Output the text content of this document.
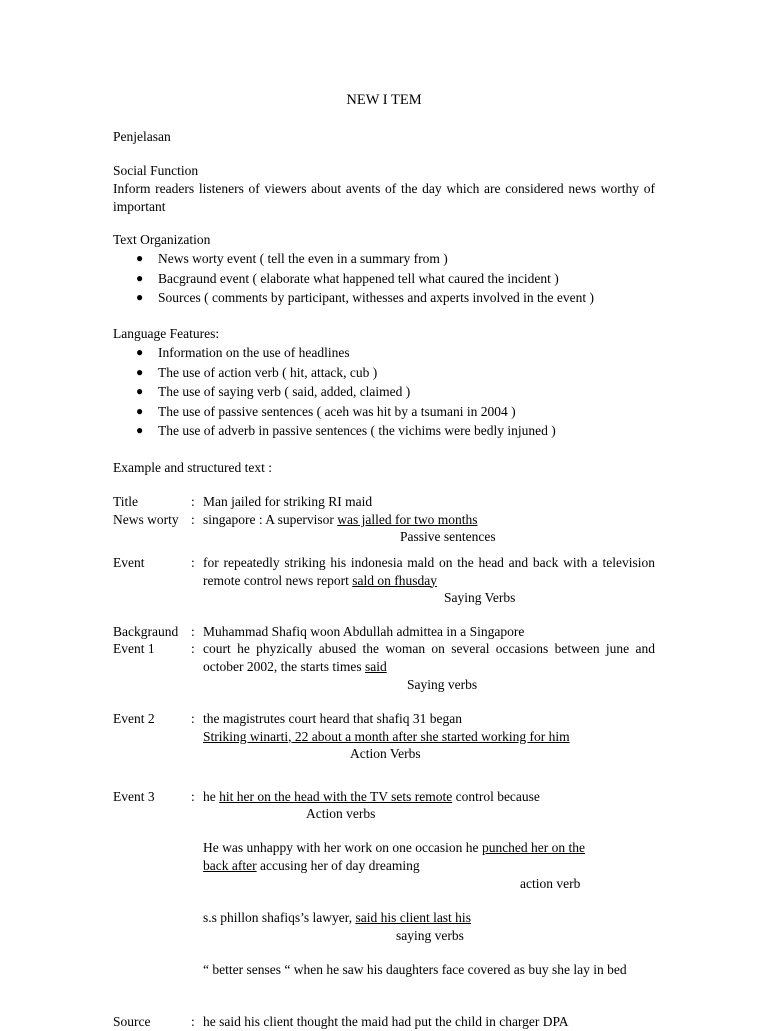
NEW I TEM
Penjelasan
Social Function
Inform readers listeners of viewers about avents of the day which are considered news worthy of important
Text Organization
● News worty event ( tell the even in a summary from )
● Bacgraund event ( elaborate what happened tell what caured the incident )
● Sources ( comments by participant, withesses and axperts involved in the event )
Language Features:
● Information on the use of headlines
● The use of action verb ( hit, attack, cub )
● The use of saying verb ( said, added, claimed )
● The use of passive sentences ( aceh was hit by a tsumani in 2004 )
● The use of adverb in passive sentences ( the vichims were bedly injuned )
Example and structured text :
Title	: Man jailed for striking RI maid
News worty : singapore : A supervisor was jalled for two months
Passive sentences
Event	: for repeatedly striking his indonesia mald on the head and back with a television remote control news report sald on fhusday
Saying Verbs
Backgraund : Muhammad Shafiq woon Abdullah admittea in a Singapore
Event 1	: court he phyzically abused the woman on several occasions between june and october 2002, the starts times said
Saying verbs
Event 2	: the magistrutes court heard that shafiq 31 began
Striking winarti, 22 about a month after she started working for him
Action Verbs
Event 3	: he hit her on the head with the TV sets remote control because
Action verbs
He was unhappy with her work on one occasion he punched her on the
back after accusing her of day dreaming
action verb
s.s phillon shafiqs’s lawyer, said his client last his
saying verbs
“ better senses “ when he saw his daughters face covered as buy she lay in bed
Source	: he said his client thought the maid had put the child in charger DPA
